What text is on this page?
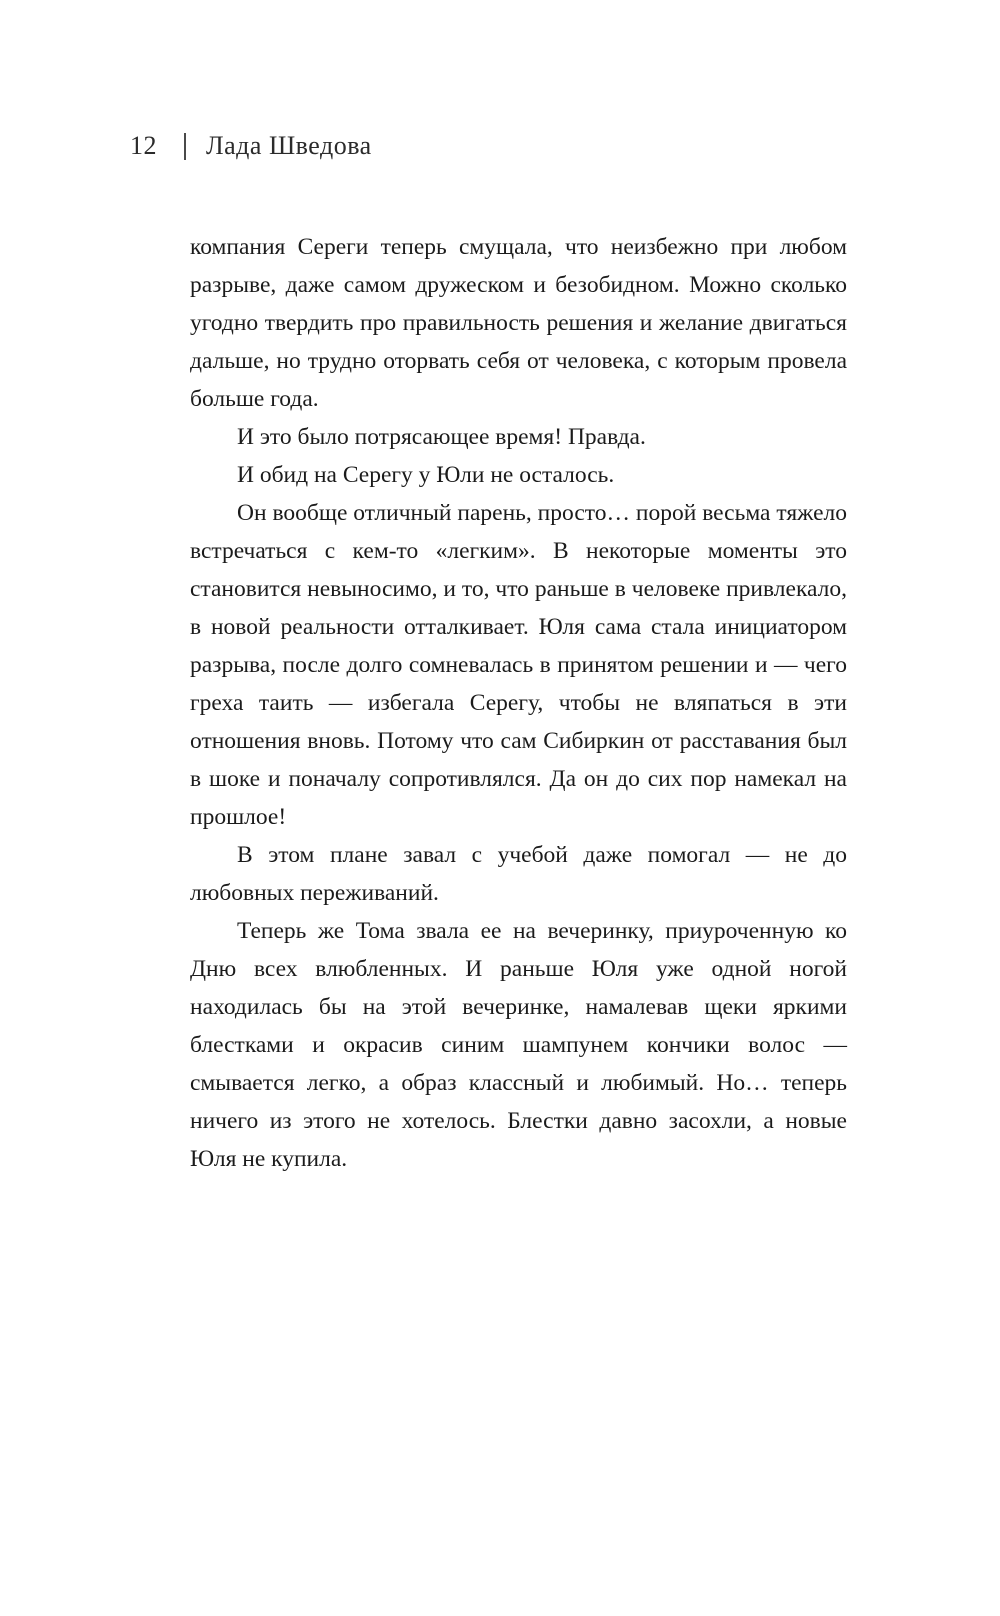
12 Лада Шведова

компания Сереги теперь смущала, что неизбежно при любом разрыве, даже самом дружеском и безобидном. Можно сколько угодно твердить про правильность решения и желание двигаться дальше, но трудно оторвать себя от человека, с которым провела больше года.

И это было потрясающее время! Правда.

И обид на Серегу у Юли не осталось.

Он вообще отличный парень, просто… порой весьма тяжело встречаться с кем-то «легким». В некоторые моменты это становится невыносимо, и то, что раньше в человеке привлекало, в новой реальности отталкивает. Юля сама стала инициатором разрыва, после долго сомневалась в принятом решении и — чего греха таить — избегала Серегу, чтобы не вляпаться в эти отношения вновь. Потому что сам Сибиркин от расставания был в шоке и поначалу сопротивлялся. Да он до сих пор намекал на прошлое!

В этом плане завал с учебой даже помогал — не до любовных переживаний.

Теперь же Тома звала ее на вечеринку, приуроченную ко Дню всех влюбленных. И раньше Юля уже одной ногой находилась бы на этой вечеринке, намалевав щеки яркими блестками и окрасив синим шампунем кончики волос — смывается легко, а образ классный и любимый. Но… теперь ничего из этого не хотелось. Блестки давно засохли, а новые Юля не купила.
